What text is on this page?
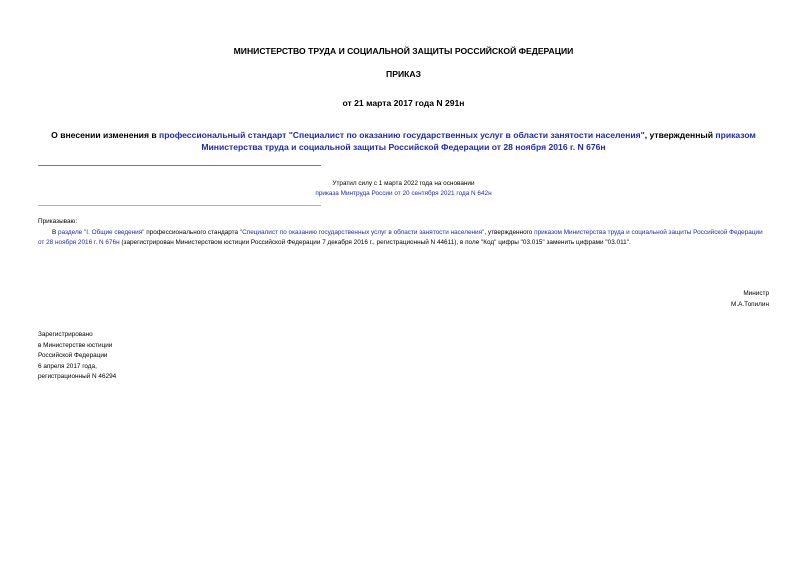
МИНИСТЕРСТВО ТРУДА И СОЦИАЛЬНОЙ ЗАЩИТЫ РОССИЙСКОЙ ФЕДЕРАЦИИ
ПРИКАЗ
от 21 марта 2017 года N 291н
О внесении изменения в профессиональный стандарт "Специалист по оказанию государственных услуг в области занятости населения", утвержденный приказом Министерства труда и социальной защиты Российской Федерации от 28 ноября 2016 г. N 676н
Утратил силу с 1 марта 2022 года на основании
приказа Минтруда России от 20 сентября 2021 года N 642н
Приказываю:
В разделе "I. Общие сведения" профессионального стандарта "Специалист по оказанию государственных услуг в области занятости населения", утвержденного приказом Министерства труда и социальной защиты Российской Федерации от 28 ноября 2016 г. N 676н (зарегистрирован Министерством юстиции Российской Федерации 7 декабря 2016 г., регистрационный N 44611), в поле "Код" цифры "03.015" заменить цифрами "03.011".
Министр
М.А.Топилин
Зарегистрировано
в Министерстве юстиции
Российской Федерации
6 апреля 2017 года,
регистрационный N 46294
